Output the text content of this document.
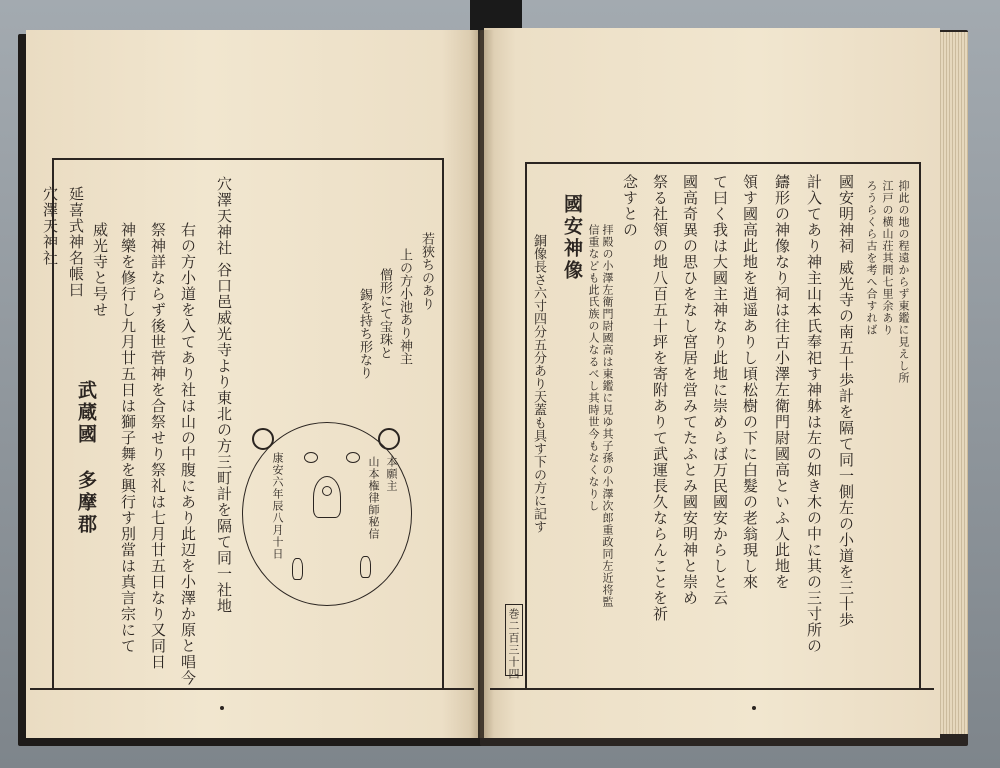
若狹ちのあり
上の方小池あり神主
僧形にて宝珠と
錫を持ち形なり
穴澤天神社 谷口邑威光寺より東北の方三町計を隔て同一社地
右の方小道を入てあり社は山の中腹にあり此辺を小澤か原と唱今
祭神詳ならず後世菅神を合祭せり祭礼は七月廿五日なり又同日
神樂を修行し九月廿五日は獅子舞を興行す別當は真言宗にて
威光寺と号せ
延喜式神名帳曰
穴澤天神社
武蔵國
多摩郡	本願主
山本権律師秘信
康安六年辰八月十日
抑此の地の程遠からず東鑑に見えし所
江戸の横山荘其間七里余あり
ろうらくら古を考へ合すれば
國安明神祠 威光寺の南五十歩計を隔て同一側左の小道を三十歩
計入てあり神主山本氏奉祀す神躰は左の如き木の中に其の三寸所の
鑄形の神像なり祠は往古小澤左衛門尉國高といふ人此地を
領す國高此地を逍遥ありし頃松樹の下に白髮の老翁現し來
て曰く我は大國主神なり此地に崇めらば万民國安からしと云
國高奇異の思ひをなし宮居を営みてたふとみ國安明神と崇め
祭る社領の地八百五十坪を寄附ありて武運長久ならんことを祈
念すとの
拝殿の小澤左衛門尉國高は東鑑に見ゆ其子孫の小澤次郎重政同左近将監
信重なども此氏族の人なるべし其時世今もなくなりし
國安神像
銅像長さ六寸四分五分あり天蓋も具す下の方に記す
巻二百三十四
